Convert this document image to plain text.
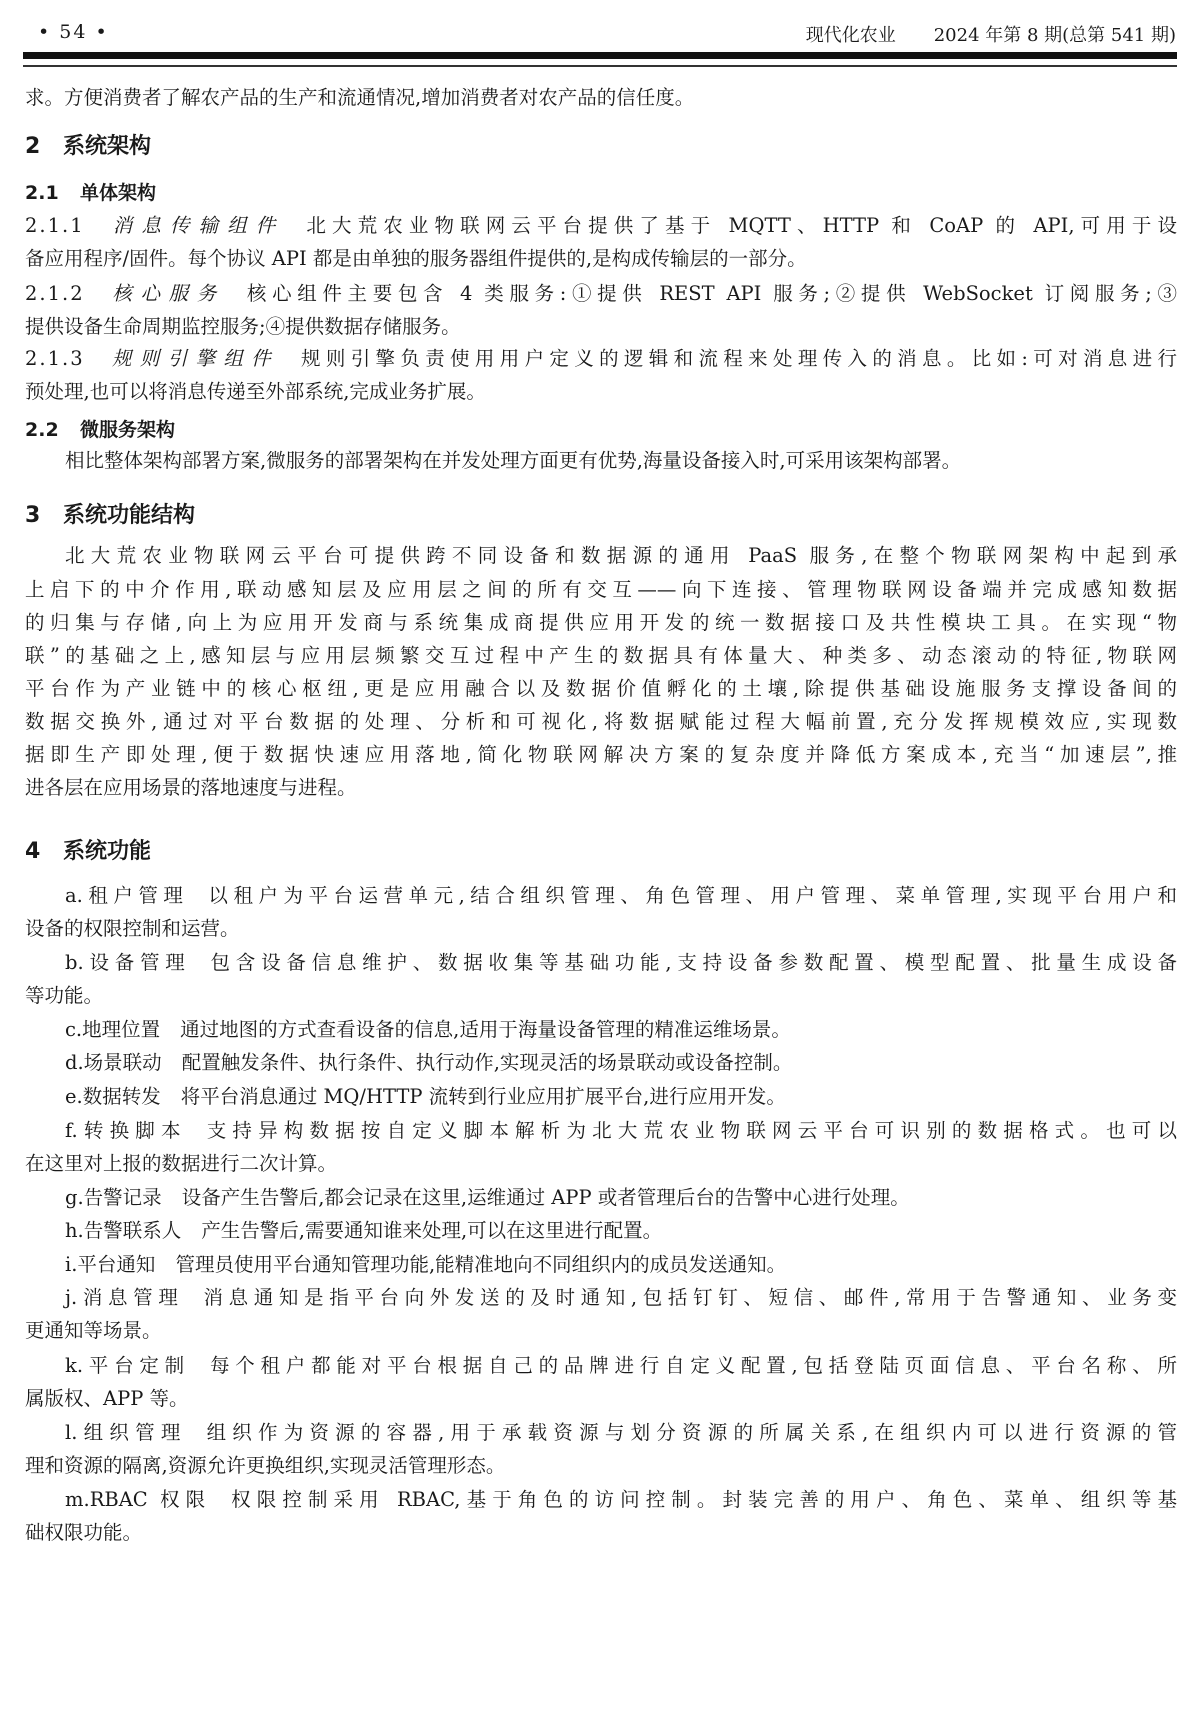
• 54 •	现代化农业 2024 年第 8 期(总第 541 期)
求。方便消费者了解农产品的生产和流通情况,增加消费者对农产品的信任度。
2 系统架构
2.1 单体架构
2.1.1 消息传输组件 北大荒农业物联网云平台提供了基于 MQTT、HTTP 和 CoAP 的 API,可用于设
备应用程序/固件。每个协议 API 都是由单独的服务器组件提供的,是构成传输层的一部分。
2.1.2 核心服务 核心组件主要包含 4 类服务:①提供 REST API 服务;②提供 WebSocket 订阅服务;③
提供设备生命周期监控服务;④提供数据存储服务。
2.1.3 规则引擎组件 规则引擎负责使用用户定义的逻辑和流程来处理传入的消息。比如:可对消息进行
预处理,也可以将消息传递至外部系统,完成业务扩展。
2.2 微服务架构
相比整体架构部署方案,微服务的部署架构在并发处理方面更有优势,海量设备接入时,可采用该架构部署。
3 系统功能结构
北大荒农业物联网云平台可提供跨不同设备和数据源的通用 PaaS 服务,在整个物联网架构中起到承
上启下的中介作用,联动感知层及应用层之间的所有交互——向下连接、管理物联网设备端并完成感知数据
的归集与存储,向上为应用开发商与系统集成商提供应用开发的统一数据接口及共性模块工具。在实现“物
联”的基础之上,感知层与应用层频繁交互过程中产生的数据具有体量大、种类多、动态滚动的特征,物联网
平台作为产业链中的核心枢纽,更是应用融合以及数据价值孵化的土壤,除提供基础设施服务支撑设备间的
数据交换外,通过对平台数据的处理、分析和可视化,将数据赋能过程大幅前置,充分发挥规模效应,实现数
据即生产即处理,便于数据快速应用落地,简化物联网解决方案的复杂度并降低方案成本,充当“加速层”,推
进各层在应用场景的落地速度与进程。
4 系统功能
a.租户管理 以租户为平台运营单元,结合组织管理、角色管理、用户管理、菜单管理,实现平台用户和
设备的权限控制和运营。
b.设备管理 包含设备信息维护、数据收集等基础功能,支持设备参数配置、模型配置、批量生成设备
等功能。
c.地理位置 通过地图的方式查看设备的信息,适用于海量设备管理的精准运维场景。
d.场景联动 配置触发条件、执行条件、执行动作,实现灵活的场景联动或设备控制。
e.数据转发 将平台消息通过 MQ/HTTP 流转到行业应用扩展平台,进行应用开发。
f.转换脚本 支持异构数据按自定义脚本解析为北大荒农业物联网云平台可识别的数据格式。也可以
在这里对上报的数据进行二次计算。
g.告警记录 设备产生告警后,都会记录在这里,运维通过 APP 或者管理后台的告警中心进行处理。
h.告警联系人 产生告警后,需要通知谁来处理,可以在这里进行配置。
i.平台通知 管理员使用平台通知管理功能,能精准地向不同组织内的成员发送通知。
j.消息管理 消息通知是指平台向外发送的及时通知,包括钉钉、短信、邮件,常用于告警通知、业务变
更通知等场景。
k.平台定制 每个租户都能对平台根据自己的品牌进行自定义配置,包括登陆页面信息、平台名称、所
属版权、APP 等。
l.组织管理 组织作为资源的容器,用于承载资源与划分资源的所属关系,在组织内可以进行资源的管
理和资源的隔离,资源允许更换组织,实现灵活管理形态。
m.RBAC 权限 权限控制采用 RBAC,基于角色的访问控制。封装完善的用户、角色、菜单、组织等基
础权限功能。
